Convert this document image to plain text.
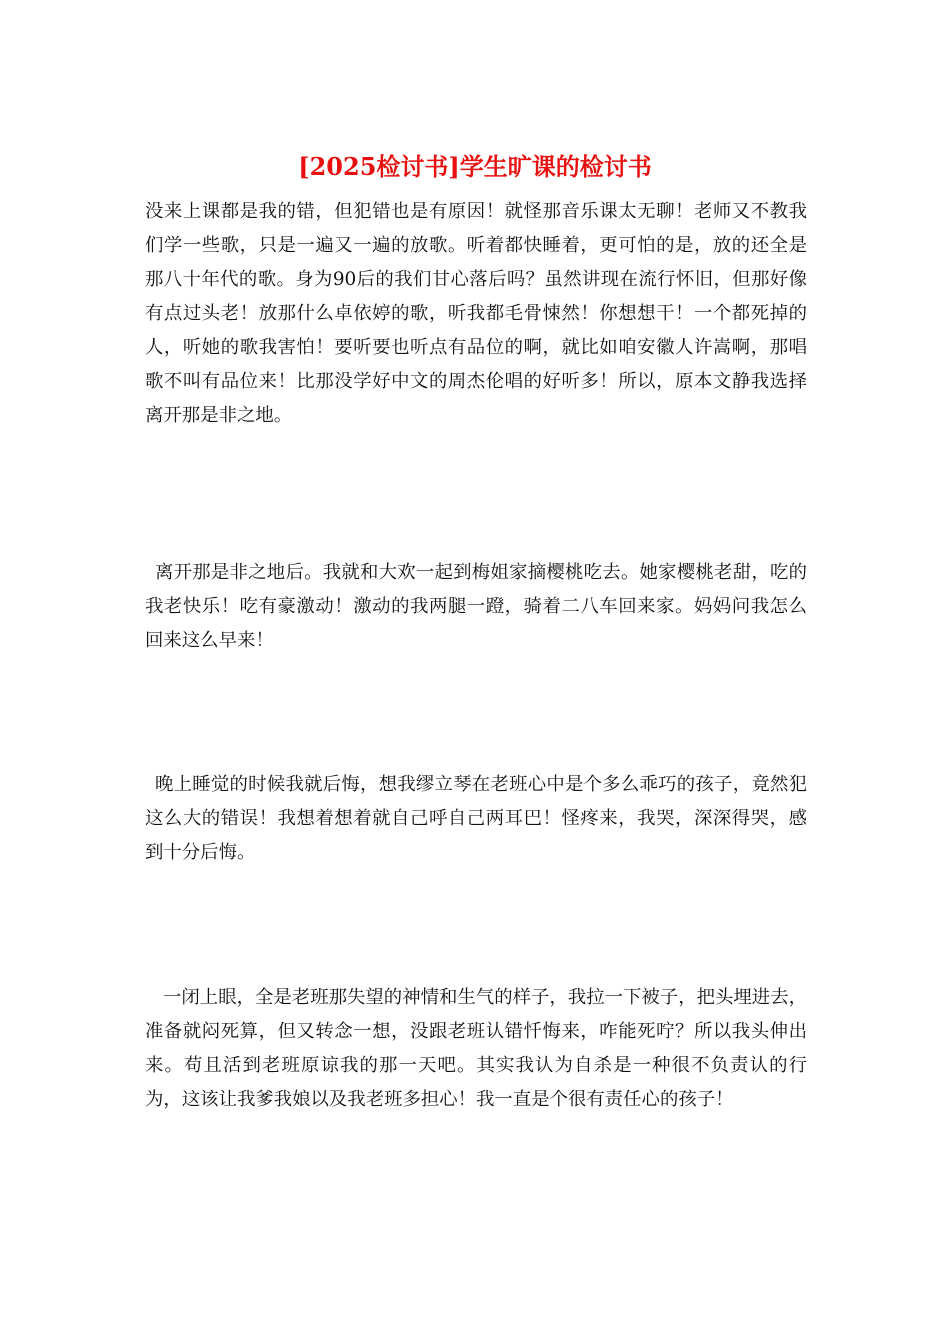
[2025检讨书]学生旷课的检讨书

没来上课都是我的错，但犯错也是有原因！就怪那音乐课太无聊！老师又不教我们学一些歌，只是一遍又一遍的放歌。听着都快睡着，更可怕的是，放的还全是那八十年代的歌。身为90后的我们甘心落后吗？虽然讲现在流行怀旧，但那好像有点过头老！放那什么卓依婷的歌，听我都毛骨悚然！你想想干！一个都死掉的人，听她的歌我害怕！要听要也听点有品位的啊，就比如咱安徽人许嵩啊，那唱歌不叫有品位来！比那没学好中文的周杰伦唱的好听多！所以，原本文静我选择离开那是非之地。

离开那是非之地后。我就和大欢一起到梅姐家摘樱桃吃去。她家樱桃老甜，吃的我老快乐！吃有豪激动！激动的我两腿一蹬，骑着二八车回来家。妈妈问我怎么回来这么早来！

晚上睡觉的时候我就后悔，想我缪立琴在老班心中是个多么乖巧的孩子，竟然犯这么大的错误！我想着想着就自己呼自己两耳巴！怪疼来，我哭，深深得哭，感到十分后悔。

一闭上眼，全是老班那失望的神情和生气的样子，我拉一下被子，把头埋进去，准备就闷死算，但又转念一想，没跟老班认错忏悔来，咋能死咛？所以我头伸出来。苟且活到老班原谅我的那一天吧。其实我认为自杀是一种很不负责认的行为，这该让我爹我娘以及我老班多担心！我一直是个很有责任心的孩子！
